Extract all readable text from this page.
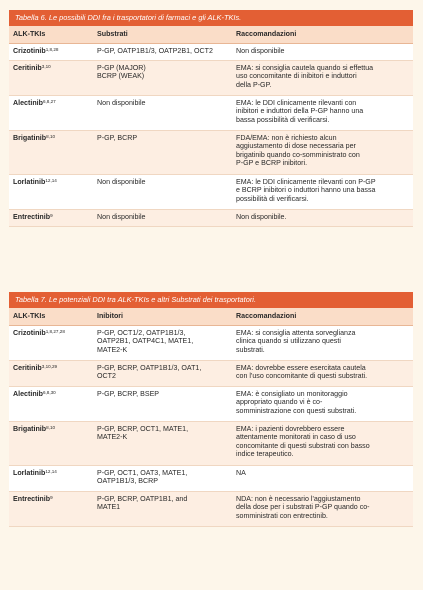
Tabella 6. Le possibili DDI fra i trasportatori di farmaci e gli ALK-TKIs.
ALK-TKIs	Substrati	Raccomandazioni
Crizotinib$^{1,8,28}$	P-GP, OATP1B1/3, OATP2B1, OCT2	Non disponibile

Ceritinib$^{3,10}$	P-GP (MAJOR)
BCRP (WEAK)	EMA: si consiglia cautela quando si effettua
uso concomitante di inibitori e induttori
della P-GP.

Alectinib$^{6,8,27}$	Non disponibile	EMA: le DDI clinicamente rilevanti con
inibitori e induttori della P-GP hanno una
bassa possibilità di verificarsi.

Brigatinib$^{8,10}$	P-GP, BCRP	FDA/EMA: non è richiesto alcun
aggiustamento di dose necessaria per
brigatinib quando co-somministrato con
P-GP e BCRP inibitori.

Lorlatinib$^{12,14}$	Non disponibile	EMA: le DDI clinicamente rilevanti con P-GP
e BCRP inibitori o induttori hanno una bassa
possibilità di verificarsi.

Entrectinib$^9$	Non disponibile	Non disponibile.
Tabella 7. Le potenziali DDI tra ALK-TKIs e altri Substrati dei trasportatori.
ALK-TKIs	Inibitori	Raccomandazioni
Crizotinib$^{1,8,27,28}$	P-GP, OCT1/2, OATP1B1/3,
OATP2B1, OATP4C1, MATE1,
MATE2-K	EMA: si consiglia attenta sorveglianza
clinica quando si utilizzano questi
substrati.

Ceritinib$^{3,10,29}$	P-GP, BCRP, OATP1B1/3, OAT1,
OCT2	EMA: dovrebbe essere esercitata cautela
con l'uso concomitante di questi substrati.

Alectinib$^{6,8,30}$	P-GP, BCRP, BSEP	EMA: è consigliato un monitoraggio
appropriato quando vi è co-
somministrazione con questi substrati.

Brigatinib$^{8,10}$	P-GP, BCRP, OCT1, MATE1,
MATE2-K	EMA: i pazienti dovrebbero essere
attentamente monitorati in caso di uso
concomitante di questi substrati con basso
indice terapeutico.

Lorlatinib$^{12,14}$	P-GP, OCT1, OAT3, MATE1,
OATP1B1/3, BCRP	NA

Entrectinib$^9$	P-GP, BCRP, OATP1B1, and
MATE1	NDA: non è necessario l'aggiustamento
della dose per i substrati P-GP quando co-
somministrati con entrectinib.
